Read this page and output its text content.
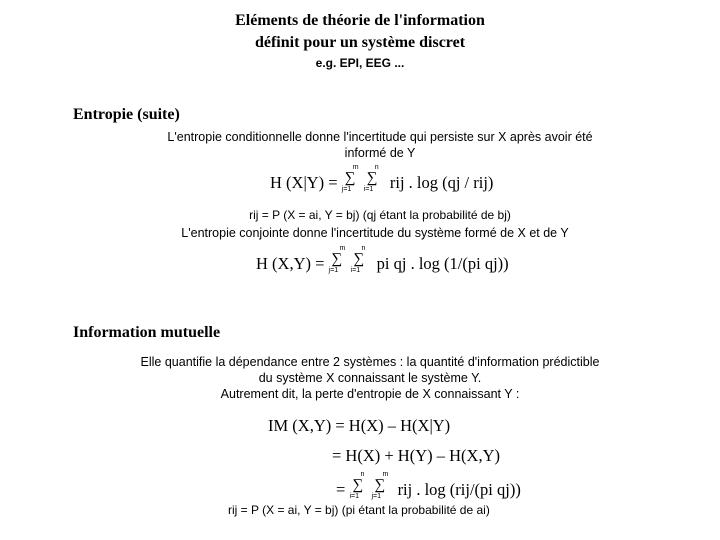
Eléments de théorie de l'information
définit pour un système discret
e.g. EPI, EEG ...
Entropie (suite)
L'entropie conditionnelle donne l'incertitude qui persiste sur X après avoir été
informé de Y
H (X|Y) = ∑
m
j=1
∑
n
i=1 rij . log (qj / rij)
rij = P (X = ai, Y = bj) (qj étant la probabilité de bj)
L'entropie conjointe donne l'incertitude du système formé de X et de Y
H (X,Y) = ∑
m
j=1
∑
n
i=1 pi qj . log (1/(pi qj))
Information mutuelle
Elle quantifie la dépendance entre 2 systèmes : la quantité d'information prédictible
du système X connaissant le système Y.
Autrement dit, la perte d'entropie de X connaissant Y :
IM (X,Y) = H(X) – H(X|Y)
= H(X) + H(Y) – H(X,Y)
= ∑
n
i=1
∑
m
j=1 rij . log (rij/(pi qj))
rij = P (X = ai, Y = bj) (pi étant la probabilité de ai)
